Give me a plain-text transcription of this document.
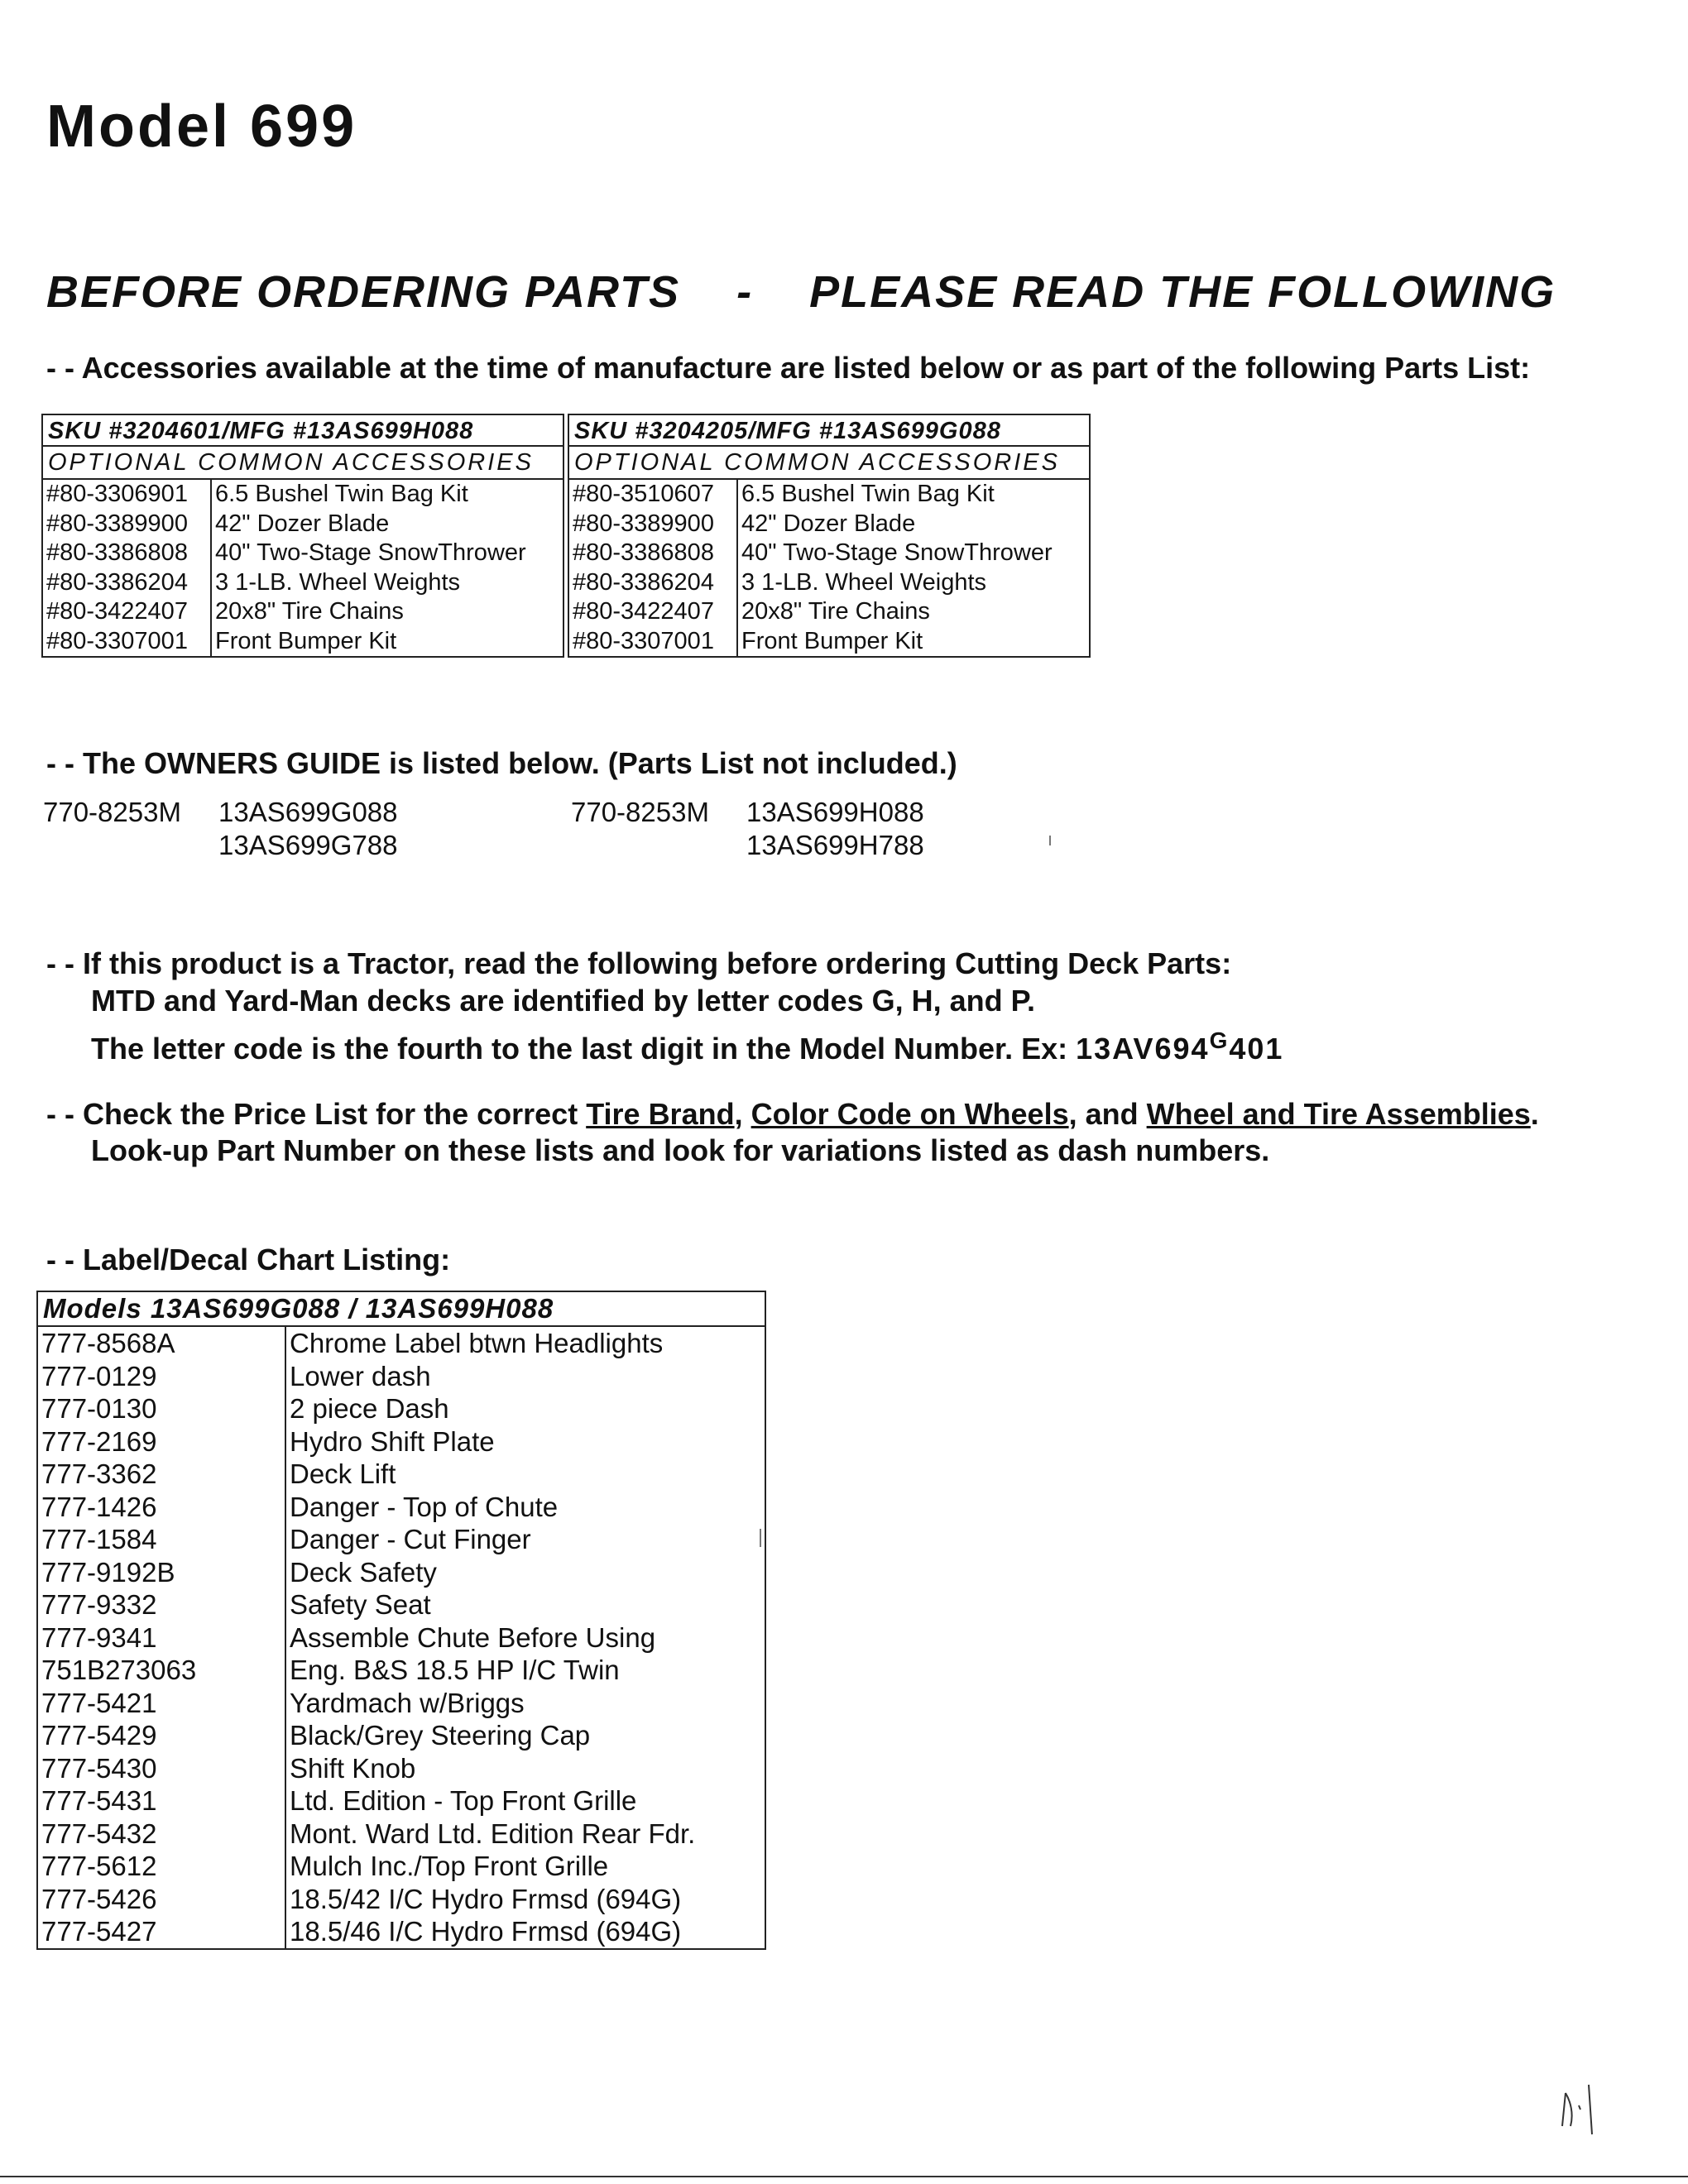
Model 699
BEFORE ORDERING PARTS - PLEASE READ THE FOLLOWING
- - Accessories available at the time of manufacture are listed below or as part of the following Parts List:
SKU #3204601/MFG #13AS699H088
OPTIONAL COMMON ACCESSORIES
#80-3306901	6.5 Bushel Twin Bag Kit
#80-3389900	42" Dozer Blade
#80-3386808	40" Two-Stage SnowThrower
#80-3386204	3 1-LB. Wheel Weights
#80-3422407	20x8" Tire Chains
#80-3307001	Front Bumper Kit
SKU #3204205/MFG #13AS699G088
OPTIONAL COMMON ACCESSORIES
#80-3510607	6.5 Bushel Twin Bag Kit
#80-3389900	42" Dozer Blade
#80-3386808	40" Two-Stage SnowThrower
#80-3386204	3 1-LB. Wheel Weights
#80-3422407	20x8" Tire Chains
#80-3307001	Front Bumper Kit
- - The OWNERS GUIDE is listed below. (Parts List not included.)
770-8253M 13AS699G088
13AS699G788
770-8253M 13AS699H088
13AS699H788
- - If this product is a Tractor, read the following before ordering Cutting Deck Parts:
MTD and Yard-Man decks are identified by letter codes G, H, and P.
The letter code is the fourth to the last digit in the Model Number. Ex: $13AV694^G401$
- - Check the Price List for the correct Tire Brand, Color Code on Wheels, and Wheel and Tire Assemblies.
Look-up Part Number on these lists and look for variations listed as dash numbers.
- - Label/Decal Chart Listing:
Models 13AS699G088 / 13AS699H088
777-8568A	Chrome Label btwn Headlights
777-0129	Lower dash
777-0130	2 piece Dash
777-2169	Hydro Shift Plate
777-3362	Deck Lift
777-1426	Danger - Top of Chute
777-1584	Danger - Cut Finger
777-9192B	Deck Safety
777-9332	Safety Seat
777-9341	Assemble Chute Before Using
751B273063	Eng. B&S 18.5 HP I/C Twin
777-5421	Yardmach w/Briggs
777-5429	Black/Grey Steering Cap
777-5430	Shift Knob
777-5431	Ltd. Edition - Top Front Grille
777-5432	Mont. Ward Ltd. Edition Rear Fdr.
777-5612	Mulch Inc./Top Front Grille
777-5426	18.5/42 I/C Hydro Frmsd (694G)
777-5427	18.5/46 I/C Hydro Frmsd (694G)
